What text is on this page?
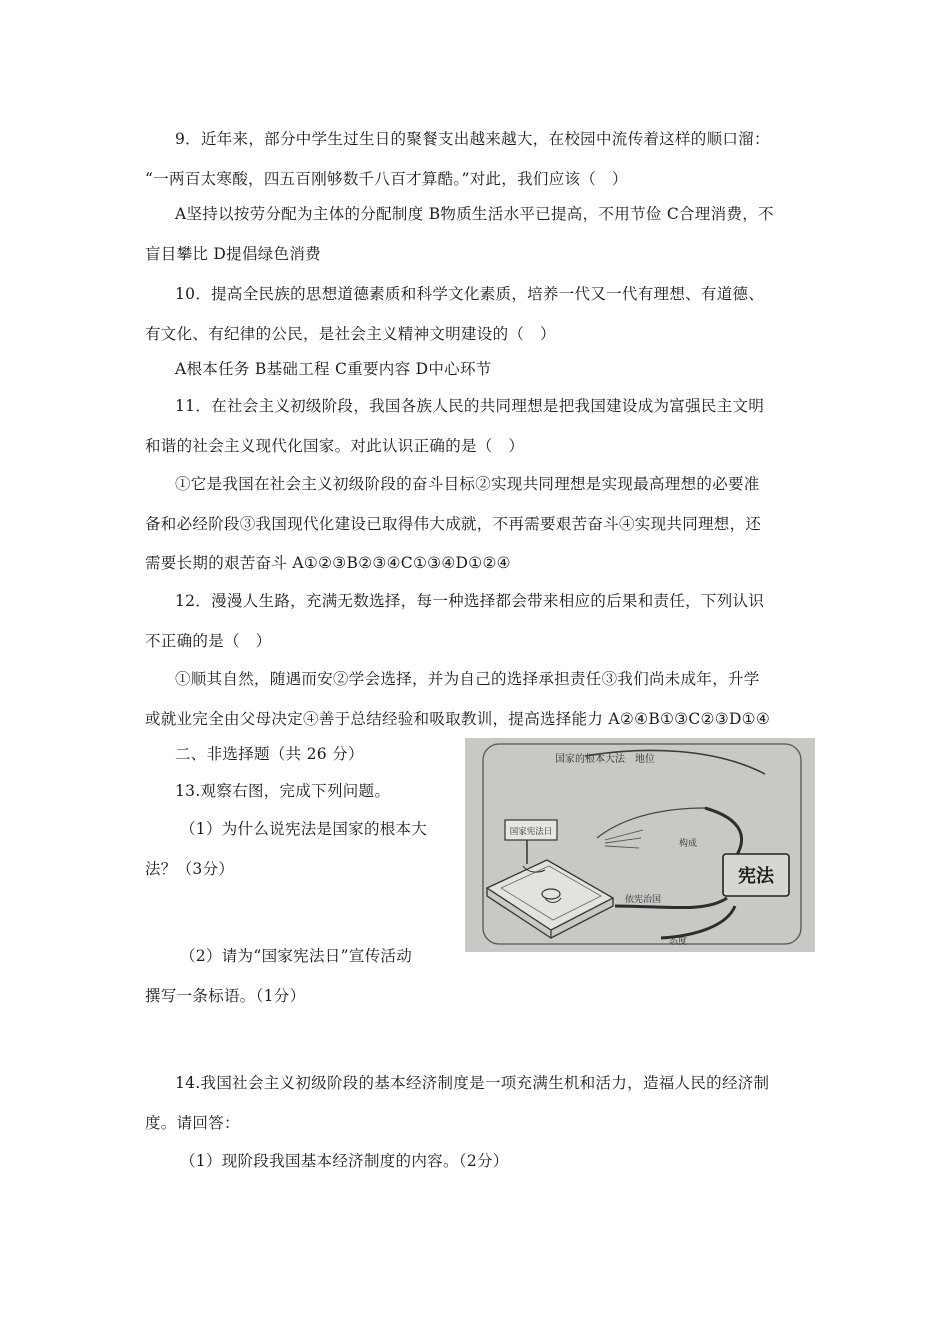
9．近年来，部分中学生过生日的聚餐支出越来越大，在校园中流传着这样的顺口溜：
“一两百太寒酸，四五百刚够数千八百才算酷。”对此，我们应该（　）
A坚持以按劳分配为主体的分配制度 B物质生活水平已提高，不用节俭 C合理消费，不
盲目攀比 D提倡绿色消费
10．提高全民族的思想道德素质和科学文化素质，培养一代又一代有理想、有道德、
有文化、有纪律的公民，是社会主义精神文明建设的（　）
A根本任务 B基础工程 C重要内容 D中心环节
11．在社会主义初级阶段，我国各族人民的共同理想是把我国建设成为富强民主文明
和谐的社会主义现代化国家。对此认识正确的是（　）
①它是我国在社会主义初级阶段的奋斗目标②实现共同理想是实现最高理想的必要准
备和必经阶段③我国现代化建设已取得伟大成就，不再需要艰苦奋斗④实现共同理想，还
需要长期的艰苦奋斗 A①②③B②③④C①③④D①②④
12．漫漫人生路，充满无数选择，每一种选择都会带来相应的后果和责任，下列认识
不正确的是（　）
①顺其自然，随遇而安②学会选择，并为自己的选择承担责任③我们尚未成年，升学
或就业完全由父母决定④善于总结经验和吸取教训，提高选择能力 A②④B①③C②③D①④
二、非选择题（共 26 分）
13.观察右图，完成下列问题。
（1）为什么说宪法是国家的根本大
法？（3分）
（2）请为“国家宪法日”宣传活动
撰写一条标语。（1分）
国家的根本大法　地位
构成
依宪治国
态度
宪法
国家宪法日
14.我国社会主义初级阶段的基本经济制度是一项充满生机和活力，造福人民的经济制
度。请回答：
（1）现阶段我国基本经济制度的内容。（2分）
